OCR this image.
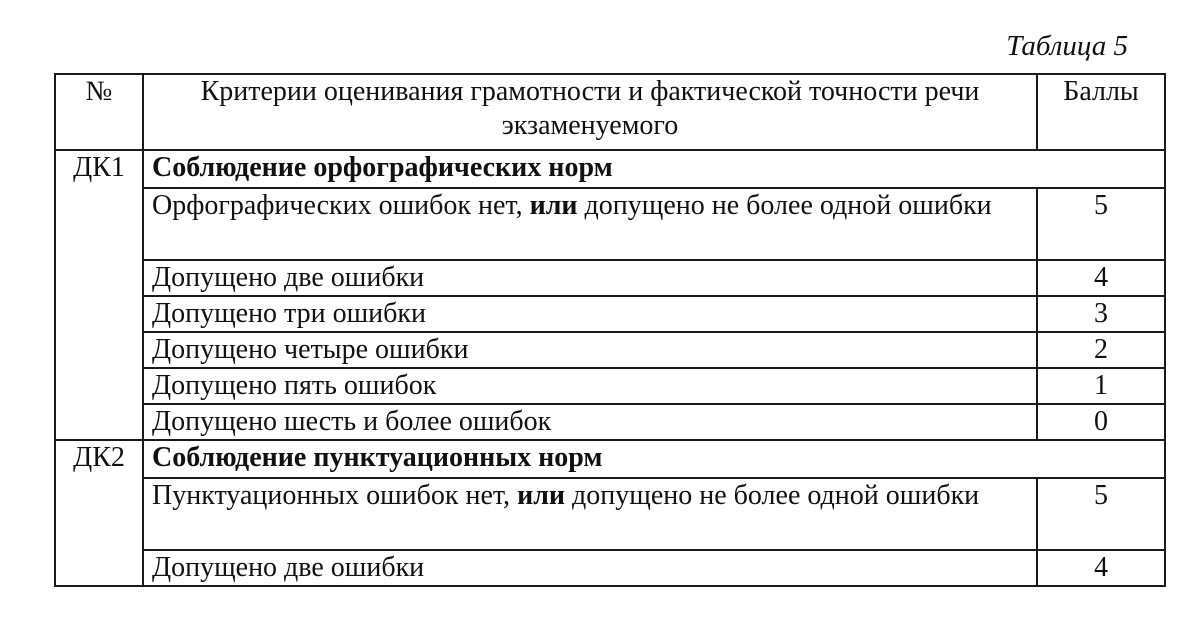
Таблица 5
№	Критерии оценивания грамотности и фактической точности речи экзаменуемого	Баллы
ДК1	Соблюдение орфографических норм	
	Орфографических ошибок нет, или допущено не более одной ошибки	5
	Допущено две ошибки	4
	Допущено три ошибки	3
	Допущено четыре ошибки	2
	Допущено пять ошибок	1
	Допущено шесть и более ошибок	0
ДК2	Соблюдение пунктуационных норм	
	Пунктуационных ошибок нет, или допущено не более одной ошибки	5
	Допущено две ошибки	4
